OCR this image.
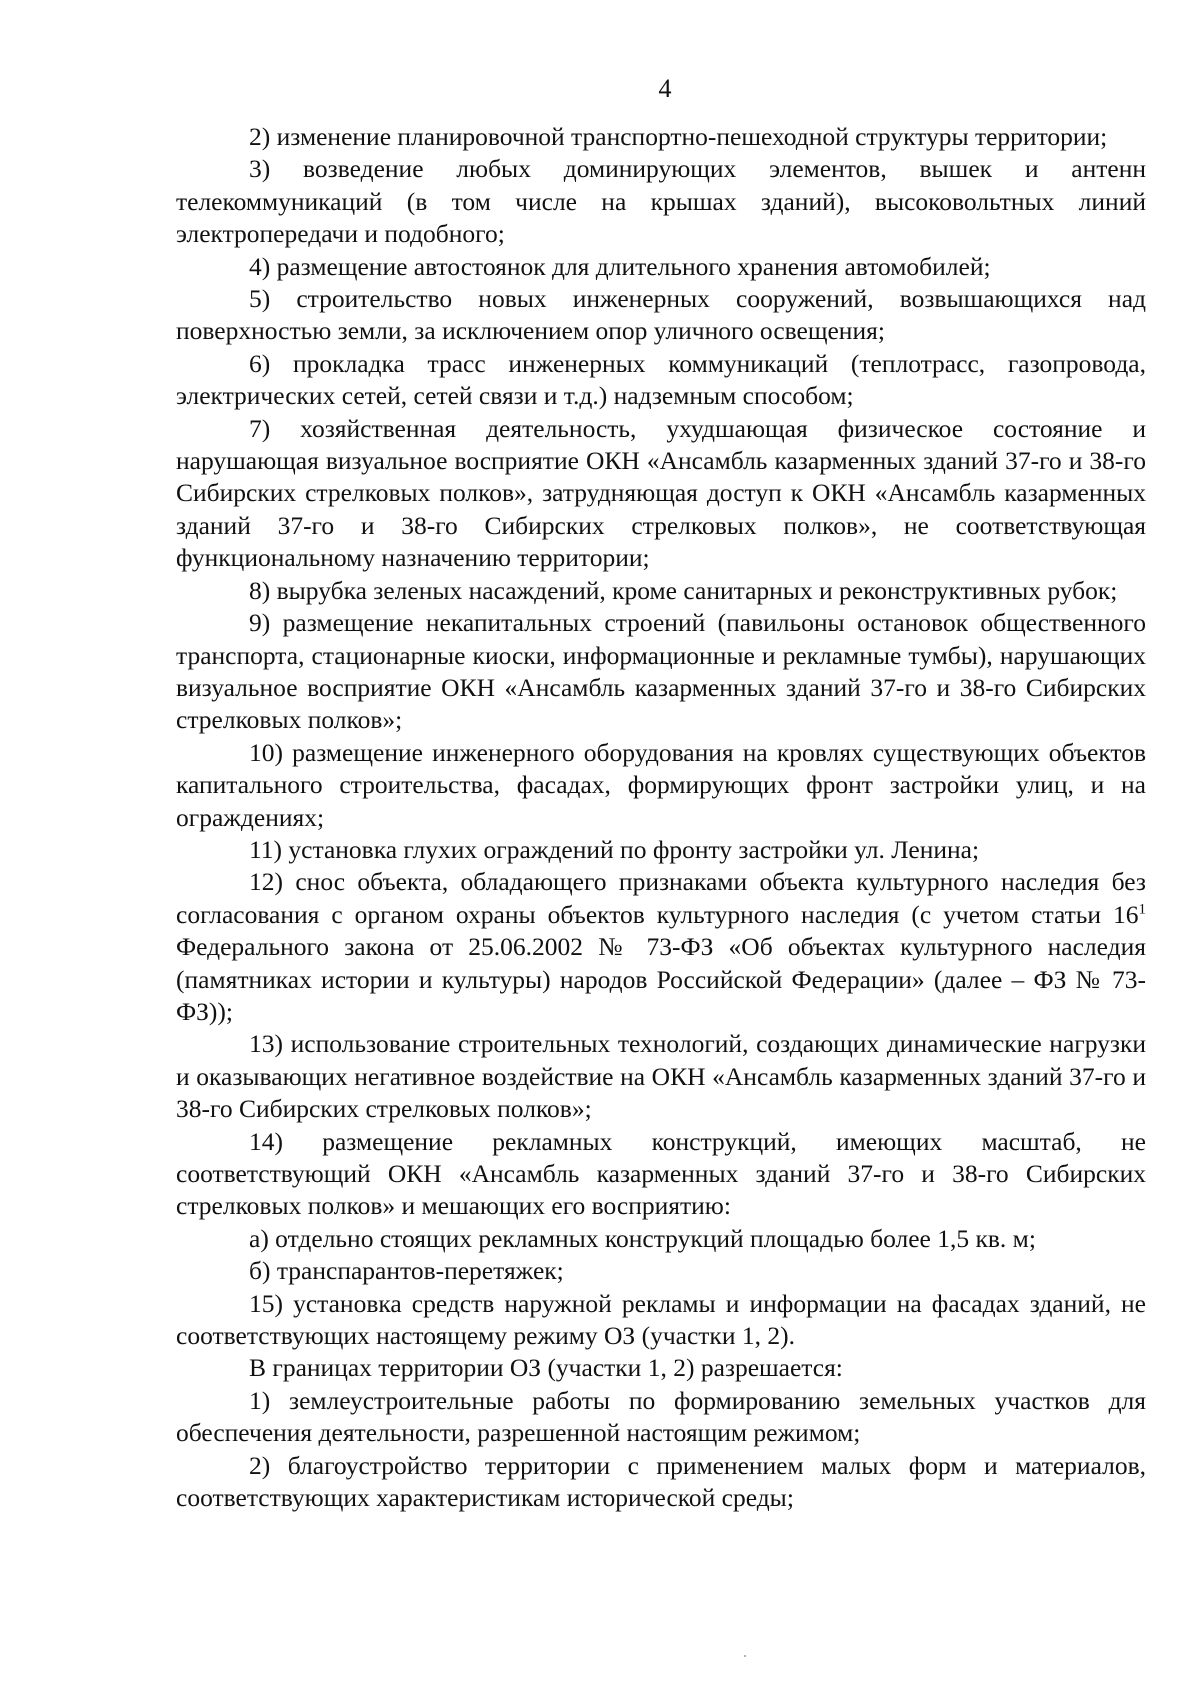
4

2) изменение планировочной транспортно-пешеходной структуры территории;

3) возведение любых доминирующих элементов, вышек и антенн телекоммуникаций (в том числе на крышах зданий), высоковольтных линий электропередачи и подобного;

4) размещение автостоянок для длительного хранения автомобилей;

5) строительство новых инженерных сооружений, возвышающихся над поверхностью земли, за исключением опор уличного освещения;

6) прокладка трасс инженерных коммуникаций (теплотрасс, газопровода, электрических сетей, сетей связи и т.д.) надземным способом;

7) хозяйственная деятельность, ухудшающая физическое состояние и нарушающая визуальное восприятие ОКН «Ансамбль казарменных зданий 37-го и 38-го Сибирских стрелковых полков», затрудняющая доступ к ОКН «Ансамбль казарменных зданий 37-го и 38-го Сибирских стрелковых полков», не соответствующая функциональному назначению территории;

8) вырубка зеленых насаждений, кроме санитарных и реконструктивных рубок;

9) размещение некапитальных строений (павильоны остановок общественного транспорта, стационарные киоски, информационные и рекламные тумбы), нарушающих визуальное восприятие ОКН «Ансамбль казарменных зданий 37-го и 38-го Сибирских стрелковых полков»;

10) размещение инженерного оборудования на кровлях существующих объектов капитального строительства, фасадах, формирующих фронт застройки улиц, и на ограждениях;

11) установка глухих ограждений по фронту застройки ул. Ленина;

12) снос объекта, обладающего признаками объекта культурного наследия без согласования с органом охраны объектов культурного наследия (с учетом статьи $16^1$ Федерального закона от 25.06.2002 № 73-ФЗ «Об объектах культурного наследия (памятниках истории и культуры) народов Российской Федерации» (далее – ФЗ № 73-ФЗ));

13) использование строительных технологий, создающих динамические нагрузки и оказывающих негативное воздействие на ОКН «Ансамбль казарменных зданий 37-го и 38-го Сибирских стрелковых полков»;

14) размещение рекламных конструкций, имеющих масштаб, не соответствующий ОКН «Ансамбль казарменных зданий 37-го и 38-го Сибирских стрелковых полков» и мешающих его восприятию:

а) отдельно стоящих рекламных конструкций площадью более 1,5 кв. м;

б) транспарантов-перетяжек;

15) установка средств наружной рекламы и информации на фасадах зданий, не соответствующих настоящему режиму ОЗ (участки 1, 2).

В границах территории ОЗ (участки 1, 2) разрешается:

1) землеустроительные работы по формированию земельных участков для обеспечения деятельности, разрешенной настоящим режимом;

2) благоустройство территории с применением малых форм и материалов, соответствующих характеристикам исторической среды;
